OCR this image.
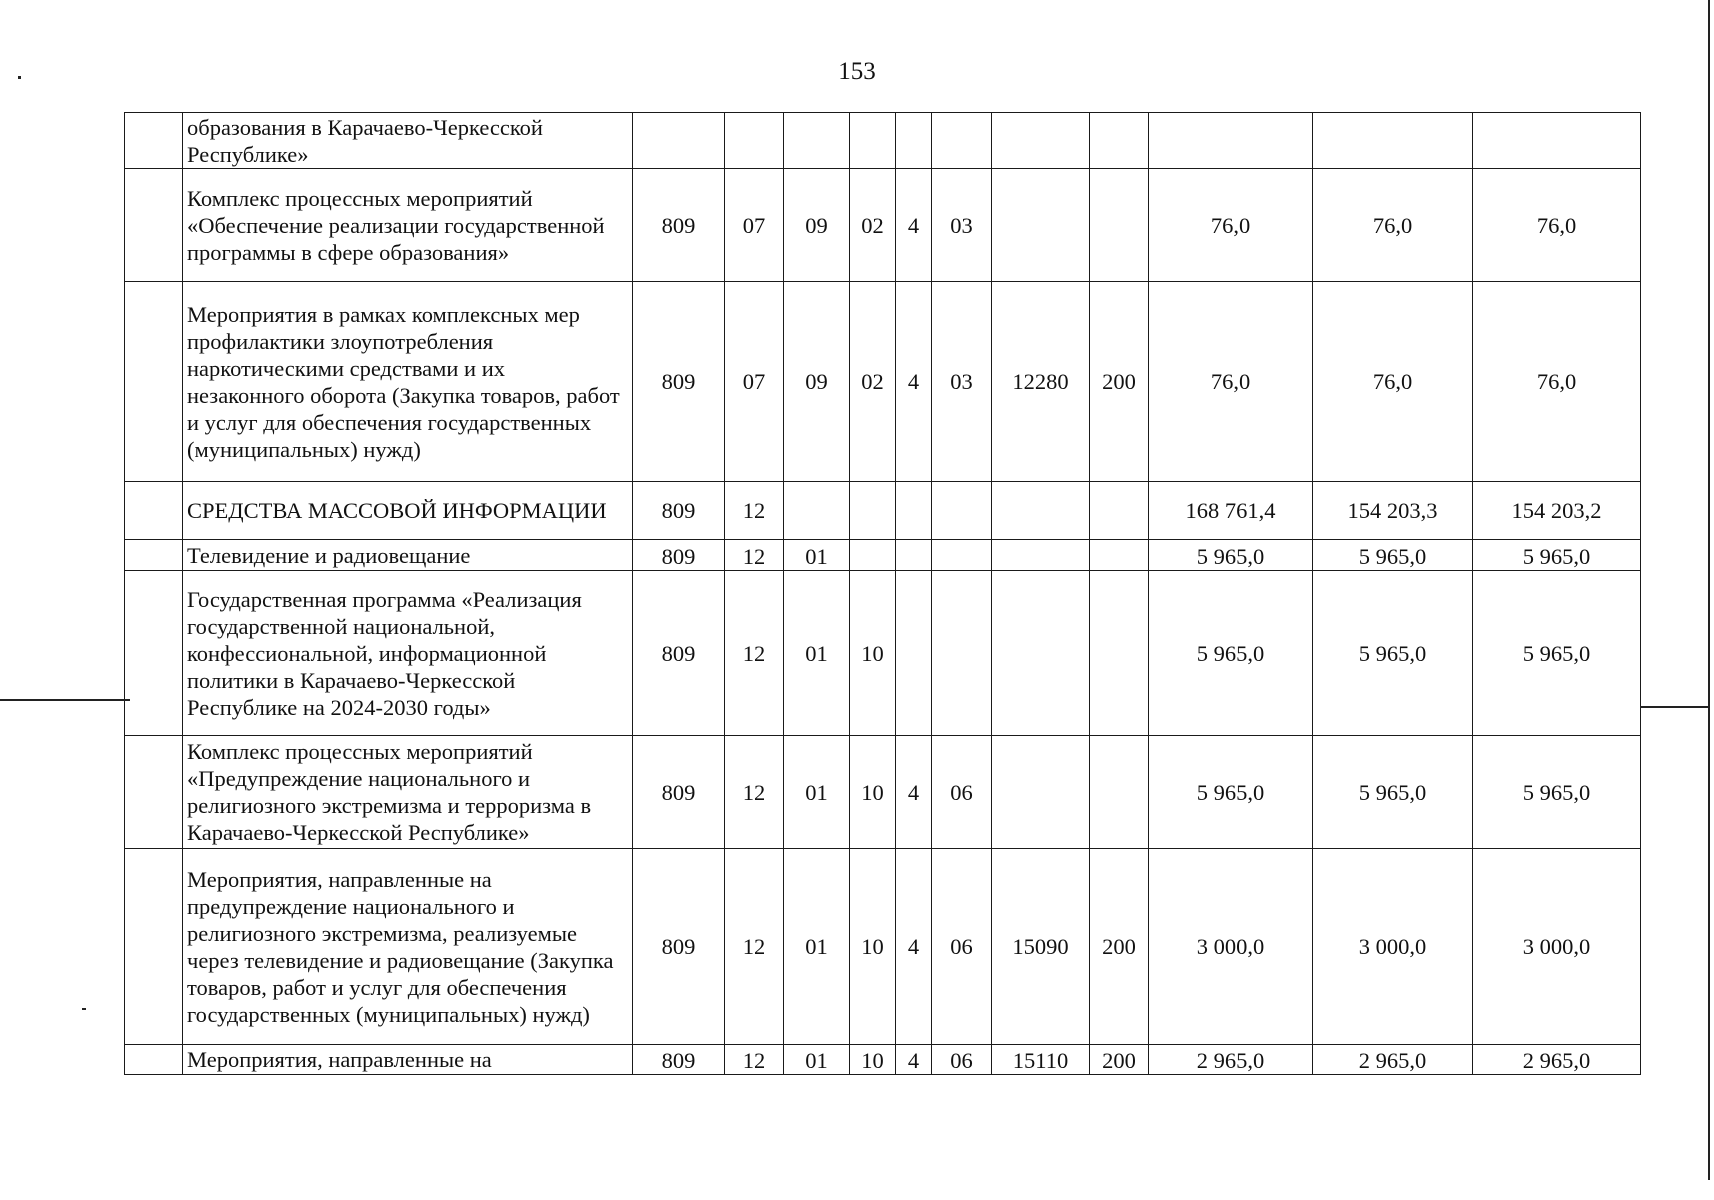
153
	образования в Карачаево-Черкесской Республике»											
	Комплекс процессных мероприятий «Обеспечение реализации государственной программы в сфере образования»	809	07	09	02	4	03			76,0	76,0	76,0
	Мероприятия в рамках комплексных мер профилактики злоупотребления наркотическими средствами и их незаконного оборота (Закупка товаров, работ и услуг для обеспечения государственных (муниципальных) нужд)	809	07	09	02	4	03	12280	200	76,0	76,0	76,0
	СРЕДСТВА МАССОВОЙ ИНФОРМАЦИИ	809	12							168 761,4	154 203,3	154 203,2
	Телевидение и радиовещание	809	12	01						5 965,0	5 965,0	5 965,0
	Государственная программа «Реализация государственной национальной, конфессиональной, информационной политики в Карачаево-Черкесской Республике на 2024-2030 годы»	809	12	01	10					5 965,0	5 965,0	5 965,0
	Комплекс процессных мероприятий «Предупреждение национального и религиозного экстремизма и терроризма в Карачаево-Черкесской Республике»	809	12	01	10	4	06			5 965,0	5 965,0	5 965,0
	Мероприятия, направленные на предупреждение национального и религиозного экстремизма, реализуемые через телевидение и радиовещание (Закупка товаров, работ и услуг для обеспечения государственных (муниципальных) нужд)	809	12	01	10	4	06	15090	200	3 000,0	3 000,0	3 000,0
	Мероприятия, направленные на	809	12	01	10	4	06	15110	200	2 965,0	2 965,0	2 965,0
